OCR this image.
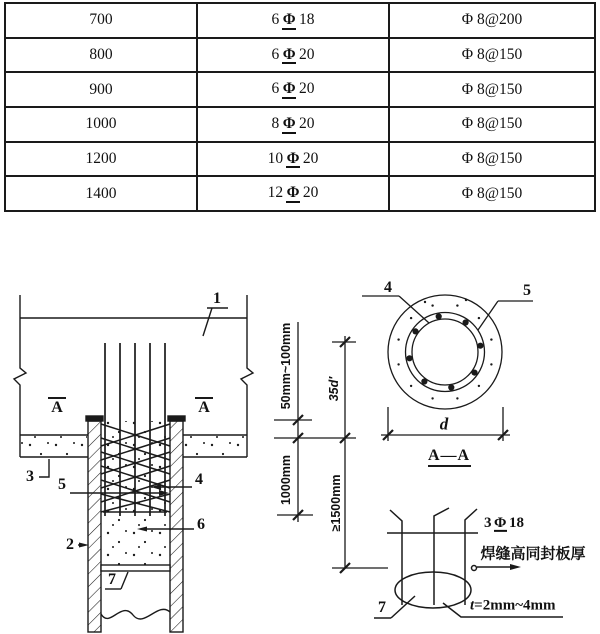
700	6 Φ 18	Φ 8@200
800	6 Φ 20	Φ 8@150
900	6 Φ 20	Φ 8@150
1000	8 Φ 20	Φ 8@150
1200	10 Φ 20	Φ 8@150
1400	12 Φ 20	Φ 8@150
1
A	A
3 5	4
2
6
7
50mm~100mm
1000mm
35d′
≥1500mm
4	5
d
A—A
3 Φ 18
焊缝高同封板厚
t=2mm~4mm
7
